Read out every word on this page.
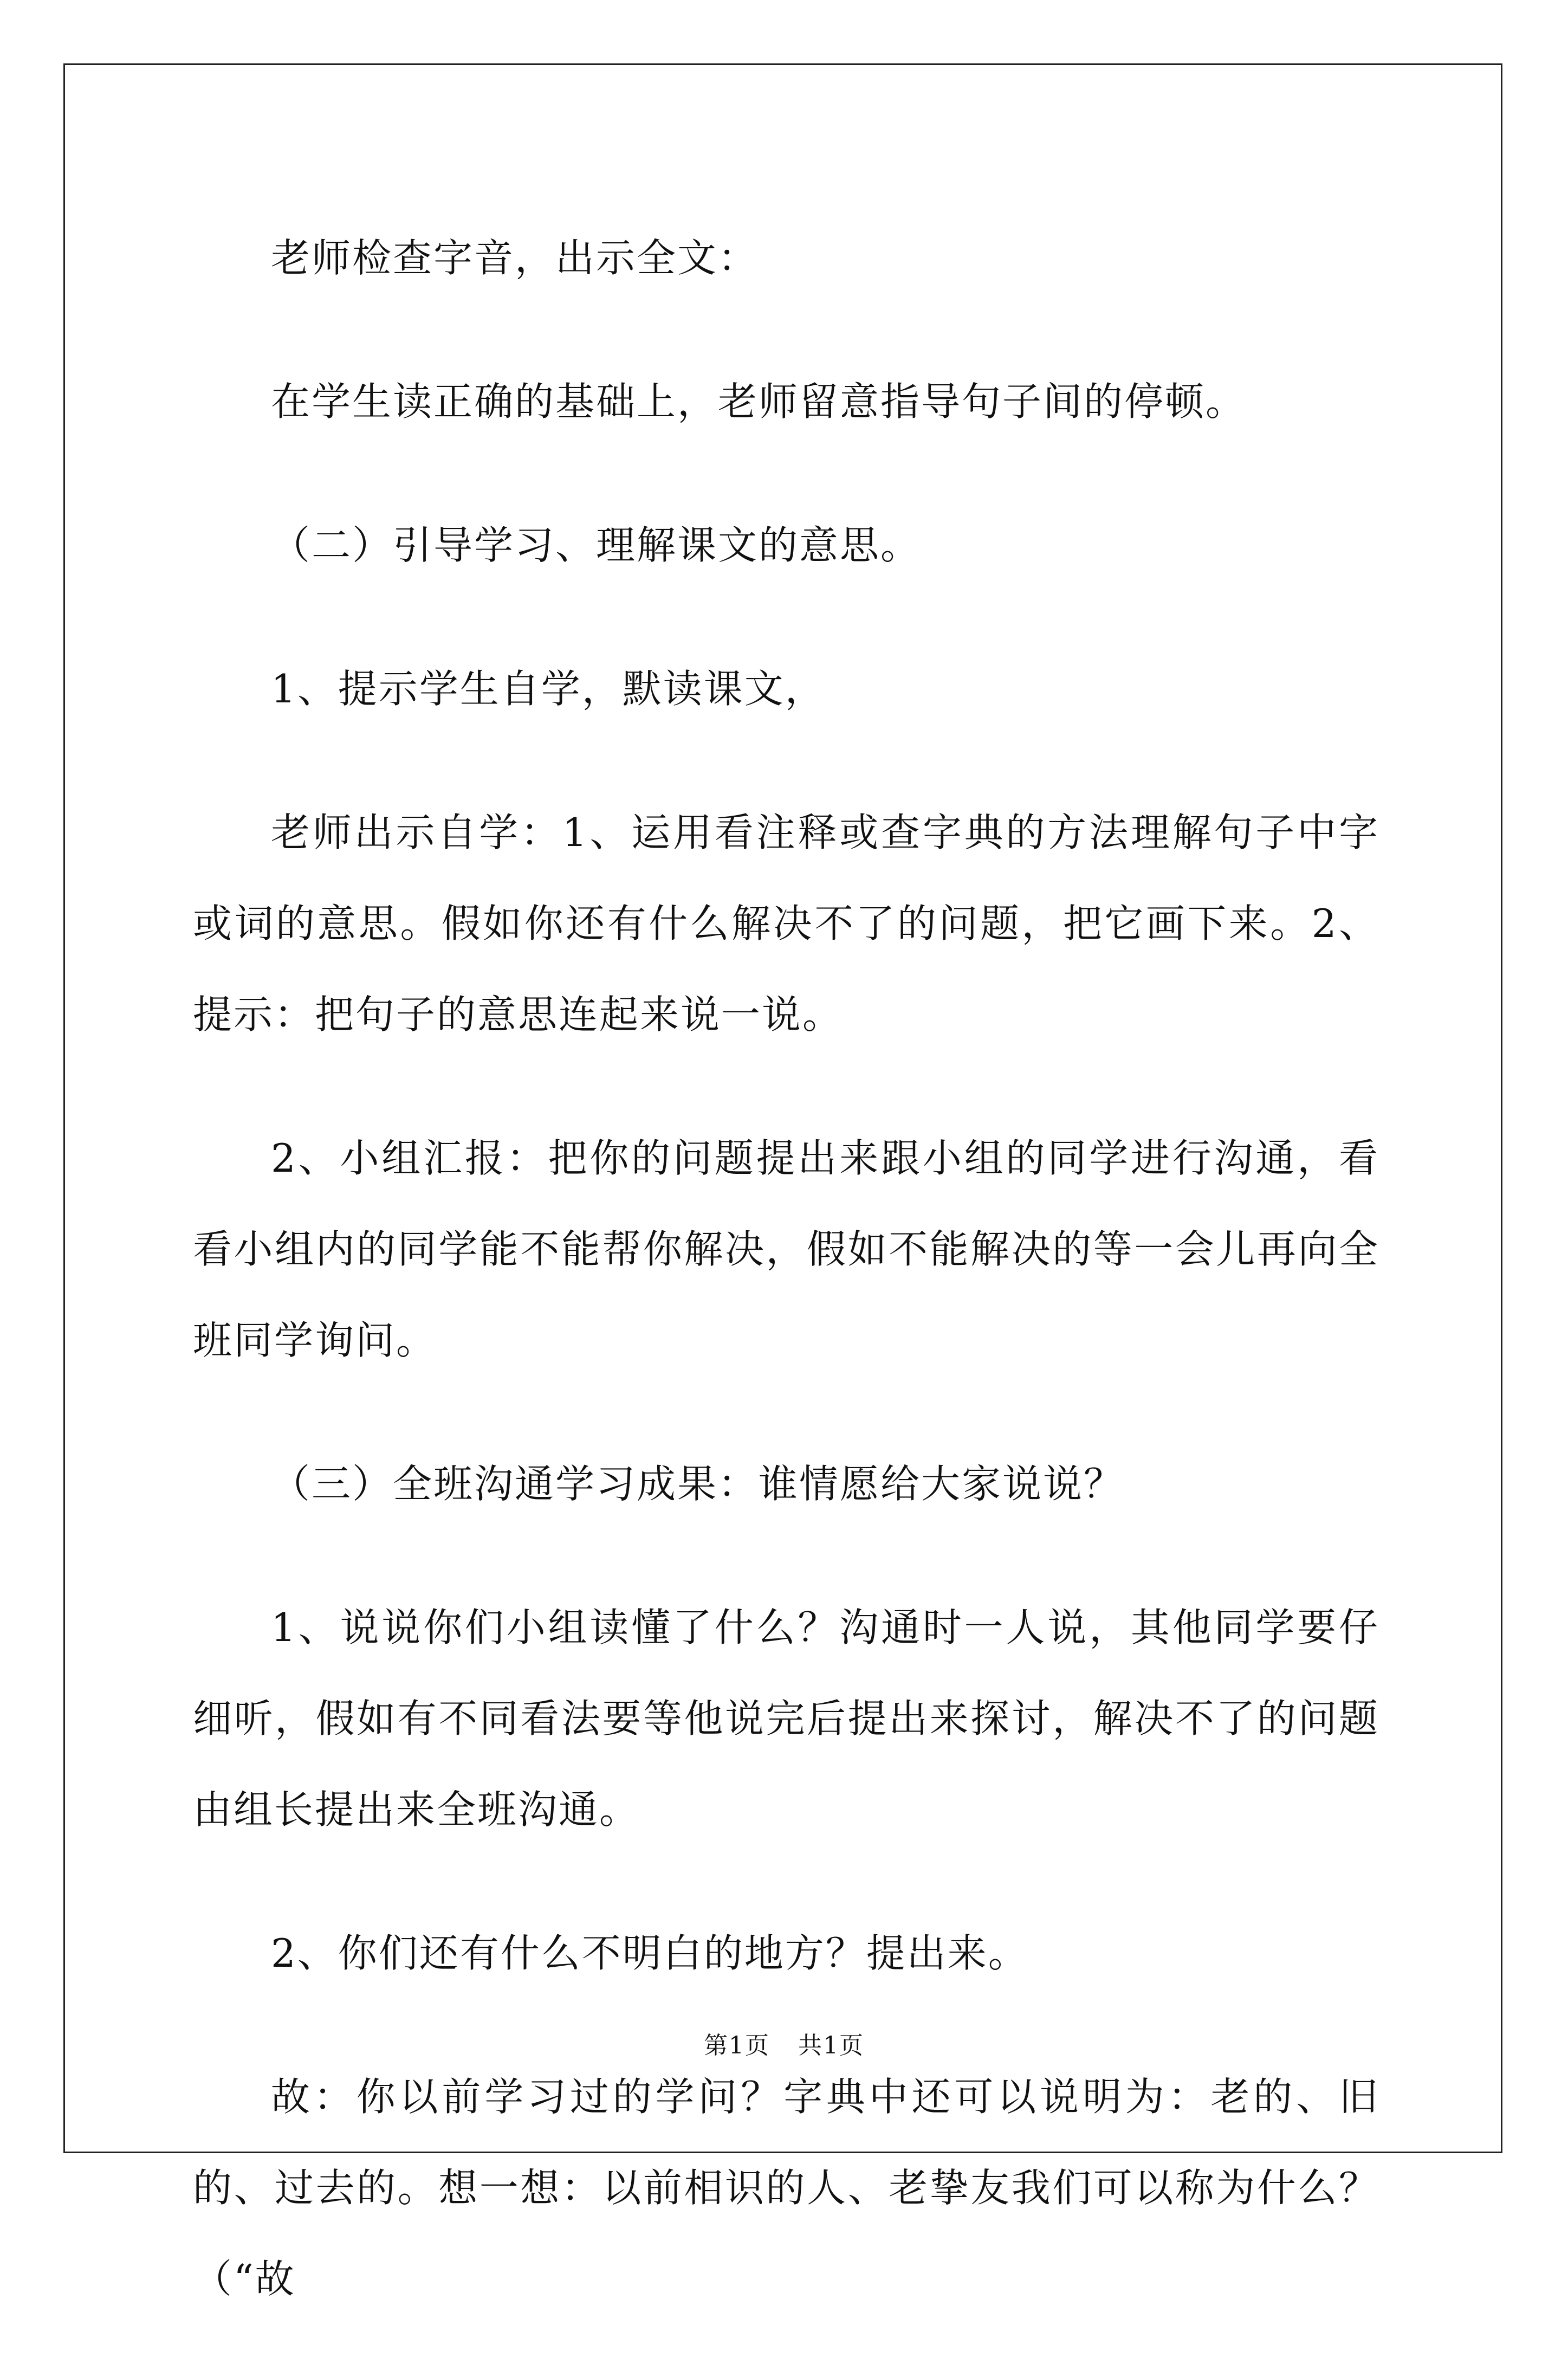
老师检查字音，出示全文：

在学生读正确的基础上，老师留意指导句子间的停顿。

（二）引导学习、理解课文的意思。

1、提示学生自学，默读课文，

老师出示自学：1、运用看注释或查字典的方法理解句子中字或词的意思。假如你还有什么解决不了的问题，把它画下来。2、提示：把句子的意思连起来说一说。

2、小组汇报：把你的问题提出来跟小组的同学进行沟通，看看小组内的同学能不能帮你解决，假如不能解决的等一会儿再向全班同学询问。

（三）全班沟通学习成果：谁情愿给大家说说？

1、说说你们小组读懂了什么？沟通时一人说，其他同学要仔细听，假如有不同看法要等他说完后提出来探讨，解决不了的问题由组长提出来全班沟通。

2、你们还有什么不明白的地方？提出来。

故：你以前学习过的学问？字典中还可以说明为：老的、旧的、过去的。想一想：以前相识的人、老挚友我们可以称为什么？（“故

第1页 共1页
